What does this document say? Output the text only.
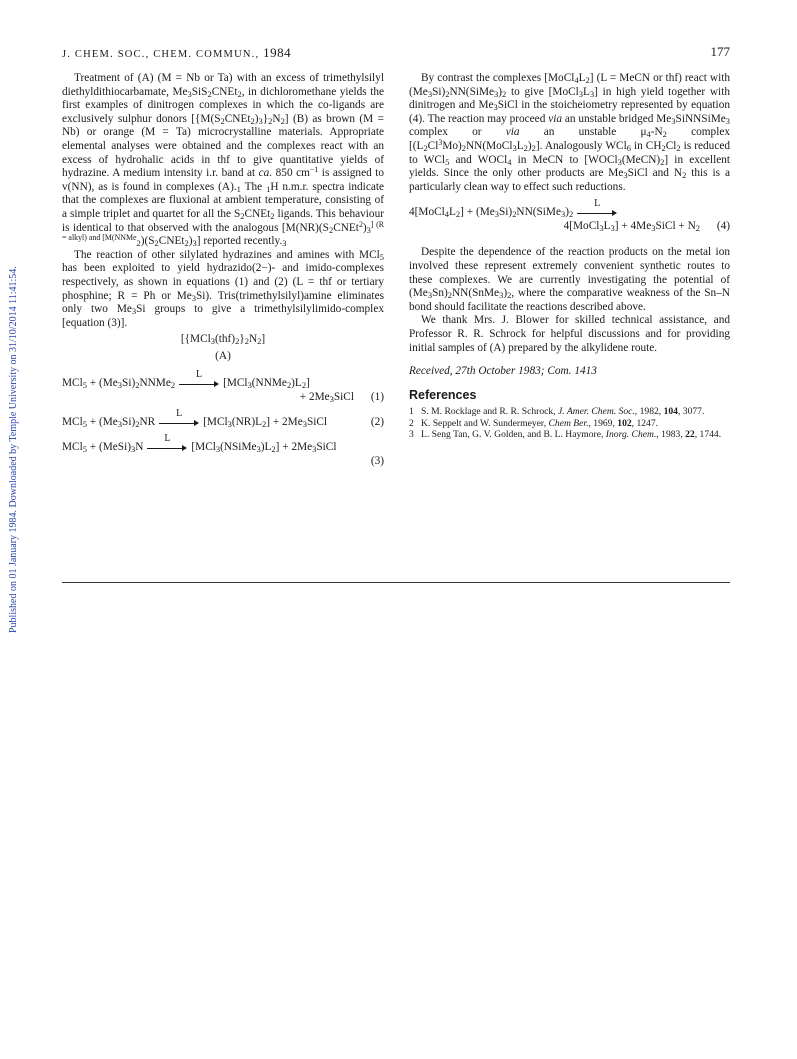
J. CHEM. SOC., CHEM. COMMUN., 1984	177
Published on 01 January 1984. Downloaded by Temple University on 31/10/2014 11:41:54.

Treatment of (A) (M = Nb or Ta) with an excess of trimethylsilyl diethyldithiocarbamate, $Me_3SiS_2CNEt_2$, in dichloromethane yields the first examples of dinitrogen complexes in which the co-ligands are exclusively sulphur donors $[\{M(S_2CNEt_2)_3\}_2N_2]$ (B) as brown (M = Nb) or orange (M = Ta) microcrystalline materials. Appropriate elemental analyses were obtained and the complexes react with an excess of hydrohalic acids in thf to give quantitative yields of hydrazine. A medium intensity i.r. band at ca. 850 $cm^{-1}$ is assigned to v(NN), as is found in complexes $(A)._1$ The $_1$H n.m.r. spectra indicate that the complexes are fluxional at ambient temperature, consisting of a simple triplet and quartet for all the $S_2CNEt_2$ ligands. This behaviour is identical to that observed with the analogous $[M(NR)(S_2CNEt^2)_3^{] (R = alkyl) and [M(NNMe}_2)(S_2CNEt_2)_3$] reported $recently._3$

The reaction of other silylated hydrazines and amines with MCl$_5$ has been exploited to yield hydrazido(2−)- and imido-complexes respectively, as shown in equations (1) and (2) (L = thf or tertiary phosphine; R = Ph or $Me_3Si$). Tris(trimethylsilyl)amine eliminates only two $Me_3Si$ groups to give a trimethylsilylimido-complex [equation (3)].

$[\{MCl_3(thf)_2\}_2N_2]$
(A)
$MCl_5 + (Me_3Si)_2NNMe_2$
L
$[MCl_3(NNMe_2)L_2]$
+ $2Me_3SiCl$ (1)
$MCl_5 + (Me_3Si)_2NR$
L
$[MCl_3(NR)L_2]$ + $2Me_3SiCl$	(2)
$MCl_5 + (MeSi)_3N$
L
$[MCl_3(NSiMe_3)L_2]$ + $2Me_3SiCl$
(3)

By contrast the complexes $[MoCl_4L_2] (L$ = MeCN or thf) react with $(Me_3Si)_2NN(SiMe_3)_2$ to give $[MoCl_3L_3]$ in high yield together with dinitrogen and $Me_3SiCl$ in the stoicheiometry represented by equation (4). The reaction may proceed via an unstable bridged $Me_3SiNNSiMe_3$ complex or via an unstable $\mu_4-N_2$ complex $[(L_2Cl^3Mo)_2NN(MoCl_3L_2)_2]$. Analogously WCl$_6$ in $CH_2Cl_2$ is reduced to WCl$_5$ and WOCl$_4$ in MeCN to $[WOCl_3(MeCN)_2]$ in excellent yields. Since the only other products are $Me_3SiCl$ and $N_2$ this is a particularly clean way to effect such reductions.

$4[MoCl_4L_2]$ + $(Me_3Si)_2NN(SiMe_3)_2$
L
$4[MoCl_3L_3]$ + $4Me_3SiCl + N_2$ (4)

Despite the dependence of the reaction products on the metal ion involved these represent extremely convenient synthetic routes to these complexes. We are currently investigating the potential of $(Me_3Sn)_2NN(SnMe_3)_2$, where the comparative weakness of the Sn–N bond should facilitate the reactions described above.

We thank Mrs. J. Blower for skilled technical assistance, and Professor R. R. Schrock for helpful discussions and for providing initial samples of (A) prepared by the alkylidene route.

Received, 27th October 1983; Com. 1413
References
1 S. M. Rocklage and R. R. Schrock, J. Amer. Chem. Soc., 1982, 104, 3077.
2 K. Seppelt and W. Sundermeyer, Chem Ber., 1969, 102, 1247.
3 L. Seng Tan, G. V. Golden, and B. L. Haymore, Inorg. Chem., 1983, 22, 1744.
